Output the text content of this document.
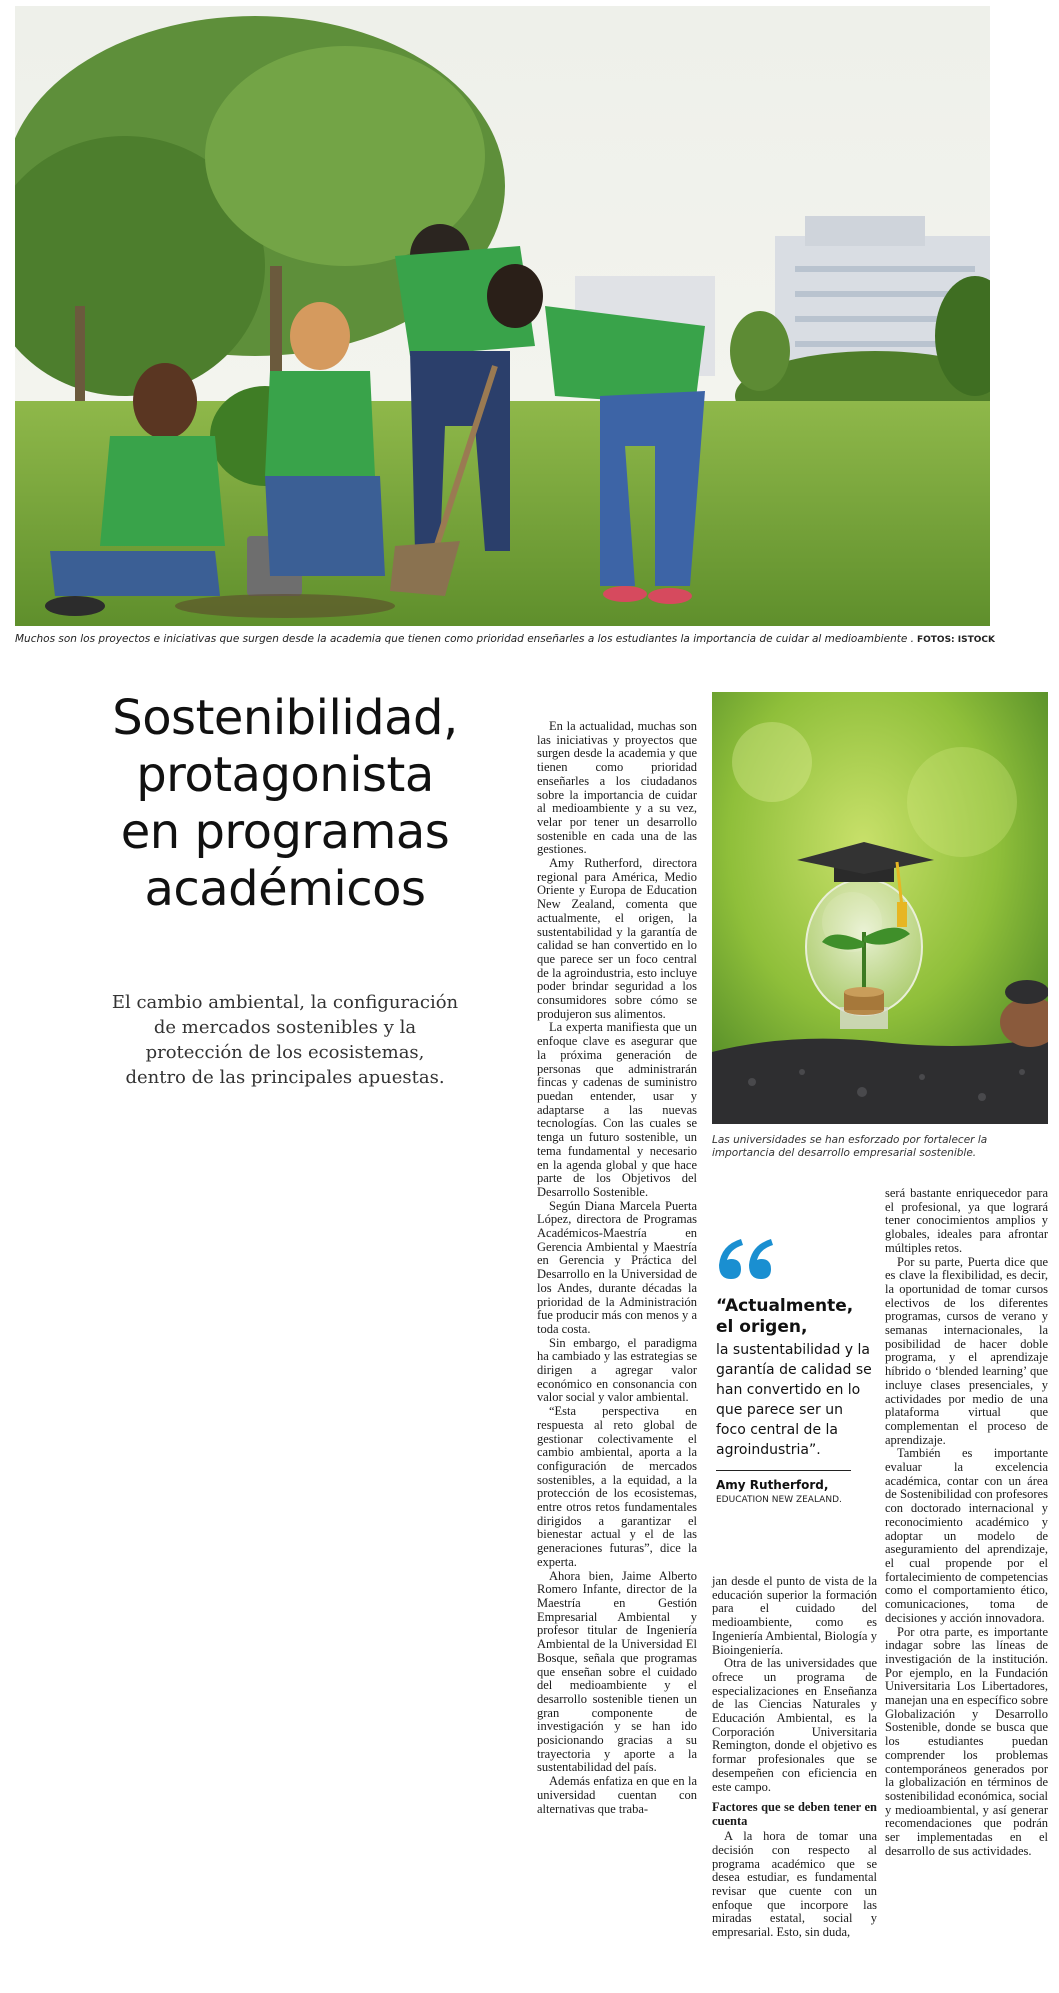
Muchos son los proyectos e iniciativas que surgen desde la academia que tienen como prioridad enseñarles a los estudiantes la importancia de cuidar al medioambiente . FOTOS: ISTOCK
Sostenibilidad,
protagonista
en programas
académicos
El cambio ambiental, la configuración
de mercados sostenibles y la
protección de los ecosistemas,
dentro de las principales apuestas.

En la actualidad, muchas son las iniciativas y proyectos que surgen desde la academia y que tienen como prioridad enseñarles a los ciudadanos sobre la importancia de cuidar al medioambiente y a su vez, velar por tener un desarrollo sostenible en cada una de las gestiones.

Amy Rutherford, directora regional para América, Medio Oriente y Europa de Education New Zealand, comenta que actualmente, el origen, la sustentabilidad y la garantía de calidad se han convertido en lo que parece ser un foco central de la agroindustria, esto incluye poder brindar seguridad a los consumidores sobre cómo se produjeron sus alimentos.

La experta manifiesta que un enfoque clave es asegurar que la próxima generación de personas que administrarán fincas y cadenas de suministro puedan entender, usar y adaptarse a las nuevas tecnologías. Con las cuales se tenga un futuro sostenible, un tema fundamental y necesario en la agenda global y que hace parte de los Objetivos del Desarrollo Sostenible.

Según Diana Marcela Puerta López, directora de Programas Académicos-Maestría en Gerencia Ambiental y Maestría en Gerencia y Práctica del Desarrollo en la Universidad de los Andes, durante décadas la prioridad de la Administración fue producir más con menos y a toda costa.

Sin embargo, el paradigma ha cambiado y las estrategias se dirigen a agregar valor económico en consonancia con valor social y valor ambiental.

“Esta perspectiva en respuesta al reto global de gestionar colectivamente el cambio ambiental, aporta a la configuración de mercados sostenibles, a la equidad, a la protección de los ecosistemas, entre otros retos fundamentales dirigidos a garantizar el bienestar actual y el de las generaciones futuras”, dice la experta.

Ahora bien, Jaime Alberto Romero Infante, director de la Maestría en Gestión Empresarial Ambiental y profesor titular de Ingeniería Ambiental de la Universidad El Bosque, señala que programas que enseñan sobre el cuidado del medioambiente y el desarrollo sostenible tienen un gran componente de investigación y se han ido posicionando gracias a su trayectoria y aporte a la sustentabilidad del país.

Además enfatiza en que en la universidad cuentan con alternativas que traba-

Las universidades se han esforzado por fortalecer la importancia del desarrollo empresarial sostenible.
“Actualmente, el origen,
la sustentabilidad y la garantía de calidad se han convertido en lo que parece ser un foco central de la agroindustria”.
Amy Rutherford,
EDUCATION NEW ZEALAND.

jan desde el punto de vista de la educación superior la formación para el cuidado del medioambiente, como es Ingeniería Ambiental, Biología y Bioingeniería.

Otra de las universidades que ofrece un programa de especializaciones en Enseñanza de las Ciencias Naturales y Educación Ambiental, es la Corporación Universitaria Remington, donde el objetivo es formar profesionales que se desempeñen con eficiencia en este campo.

Factores que se deben tener en cuenta

A la hora de tomar una decisión con respecto al programa académico que se desea estudiar, es fundamental revisar que cuente con un enfoque que incorpore las miradas estatal, social y empresarial. Esto, sin duda,

será bastante enriquecedor para el profesional, ya que logrará tener conocimientos amplios y globales, ideales para afrontar múltiples retos.

Por su parte, Puerta dice que es clave la flexibilidad, es decir, la oportunidad de tomar cursos electivos de los diferentes programas, cursos de verano y semanas internacionales, la posibilidad de hacer doble programa, y el aprendizaje híbrido o ‘blended learning’ que incluye clases presenciales, y actividades por medio de una plataforma virtual que complementan el proceso de aprendizaje.

También es importante evaluar la excelencia académica, contar con un área de Sostenibilidad con profesores con doctorado internacional y reconocimiento académico y adoptar un modelo de aseguramiento del aprendizaje, el cual propende por el fortalecimiento de competencias como el comportamiento ético, comunicaciones, toma de decisiones y acción innovadora.

Por otra parte, es importante indagar sobre las líneas de investigación de la institución. Por ejemplo, en la Fundación Universitaria Los Libertadores, manejan una en específico sobre Globalización y Desarrollo Sostenible, donde se busca que los estudiantes puedan comprender los problemas contemporáneos generados por la globalización en términos de sostenibilidad económica, social y medioambiental, y así generar recomendaciones que podrán ser implementadas en el desarrollo de sus actividades.
